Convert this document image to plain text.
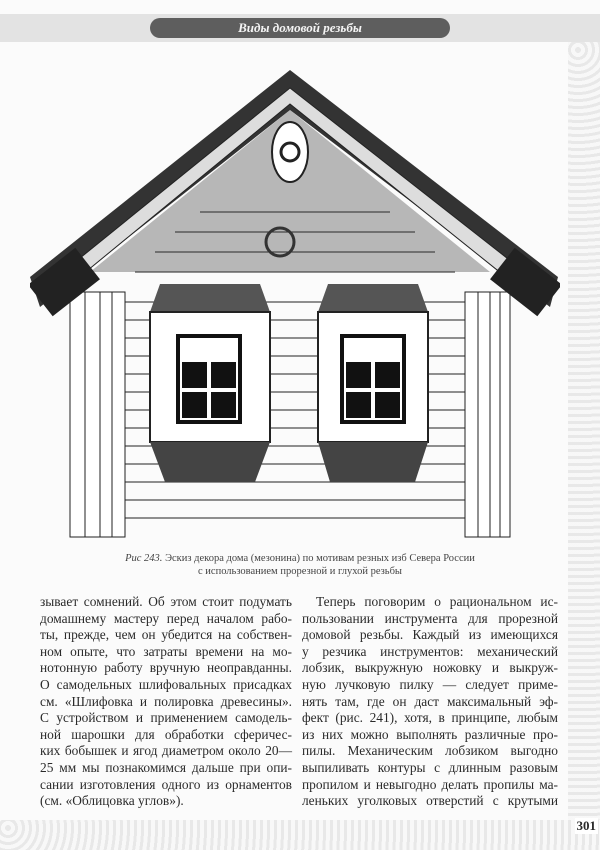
Виды домовой резьбы
Рис 243. Эскиз декора дома (мезонина) по мотивам резных изб Севера России
с использованием прорезной и глухой резьбы
зывает сомнений. Об этом стоит подумать
домашнему мастеру перед началом рабо-
ты, прежде, чем он убедится на собствен-
ном опыте, что затраты времени на мо-
нотонную работу вручную неоправданны.
О самодельных шлифовальных присадках
см. «Шлифовка и полировка древесины».
С устройством и применением самодель-
ной шарошки для обработки сферичес-
ких бобышек и ягод диаметром около 20—
25 мм мы познакомимся дальше при опи-
сании изготовления одного из орнаментов
(см. «Облицовка углов»).
Теперь поговорим о рациональном ис-
пользовании инструмента для прорезной
домовой резьбы. Каждый из имеющихся
у резчика инструментов: механический
лобзик, выкружную ножовку и выкруж-
ную лучковую пилку — следует приме-
нять там, где он даст максимальный эф-
фект (рис. 241), хотя, в принципе, любым
из них можно выполнять различные про-
пилы. Механическим лобзиком выгодно
выпиливать контуры с длинным разовым
пропилом и невыгодно делать пропилы ма-
леньких уголковых отверстий с крутыми
301
